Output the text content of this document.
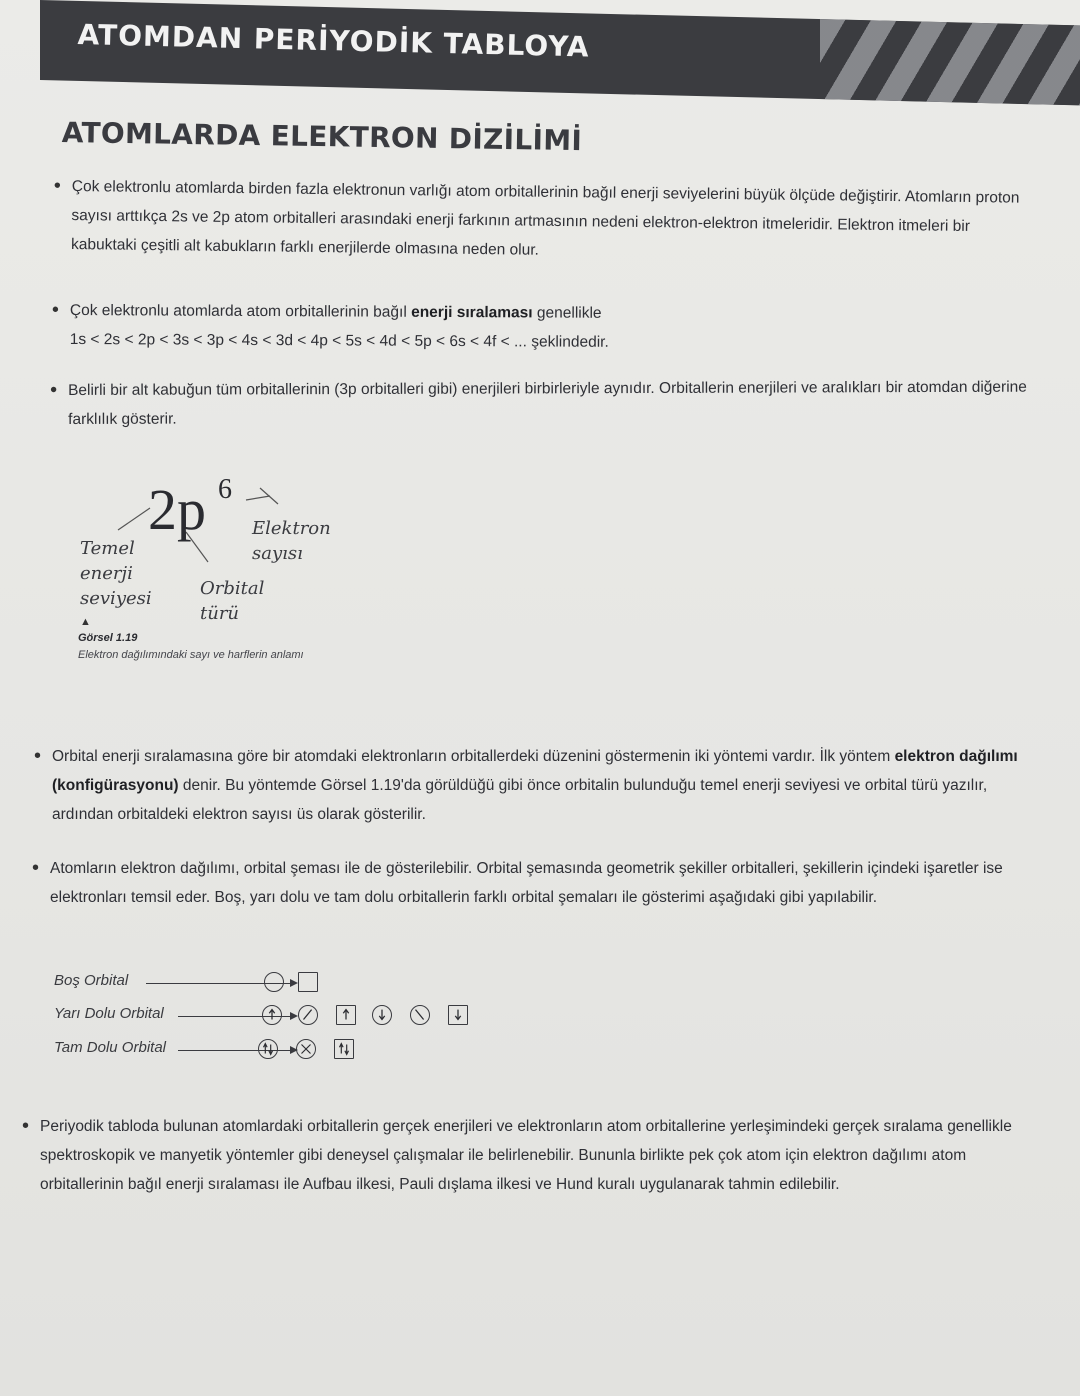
ATOMDAN PERİYODİK TABLOYA
ATOMLARDA ELEKTRON DİZİLİMİ
• Çok elektronlu atomlarda birden fazla elektronun varlığı atom orbitallerinin bağıl enerji seviyelerini büyük ölçüde değiştirir. Atomların proton sayısı arttıkça 2s ve 2p atom orbitalleri arasındaki enerji farkının artmasının nedeni elektron-elektron itmeleridir. Elektron itmeleri bir kabuktaki çeşitli alt kabukların farklı enerjilerde olmasına neden olur.

• Çok elektronlu atomlarda atom orbitallerinin bağıl enerji sıralaması genellikle

1s < 2s < 2p < 3s < 3p < 4s < 3d < 4p < 5s < 4d < 5p < 6s < 4f < ... şeklindedir.

• Belirli bir alt kabuğun tüm orbitallerinin (3p orbitalleri gibi) enerjileri birbirleriyle aynıdır. Orbitallerin enerjileri ve aralıkları bir atomdan diğerine farklılık gösterir.

2p 6
Temel
enerji
seviyesi	Orbital
türü
Elektron
sayısı
▲
Görsel 1.19
Elektron dağılımındaki sayı ve harflerin anlamı
• Orbital enerji sıralamasına göre bir atomdaki elektronların orbitallerdeki düzenini göstermenin iki yöntemi vardır. İlk yöntem elektron dağılımı (konfigürasyonu) denir. Bu yöntemde Görsel 1.19'da görüldüğü gibi önce orbitalin bulunduğu temel enerji seviyesi ve orbital türü yazılır, ardından orbitaldeki elektron sayısı üs olarak gösterilir.

• Atomların elektron dağılımı, orbital şeması ile de gösterilebilir. Orbital şemasında geometrik şekiller orbitalleri, şekillerin içindeki işaretler ise elektronları temsil eder. Boş, yarı dolu ve tam dolu orbitallerin farklı orbital şemaları ile gösterimi aşağıdaki gibi yapılabilir.

Boş Orbital
Yarı Dolu Orbital
Tam Dolu Orbital
• Periyodik tabloda bulunan atomlardaki orbitallerin gerçek enerjileri ve elektronların atom orbitallerine yerleşimindeki gerçek sıralama genellikle spektroskopik ve manyetik yöntemler gibi deneysel çalışmalar ile belirlenebilir. Bununla birlikte pek çok atom için elektron dağılımı atom orbitallerinin bağıl enerji sıralaması ile Aufbau ilkesi, Pauli dışlama ilkesi ve Hund kuralı uygulanarak tahmin edilebilir.
